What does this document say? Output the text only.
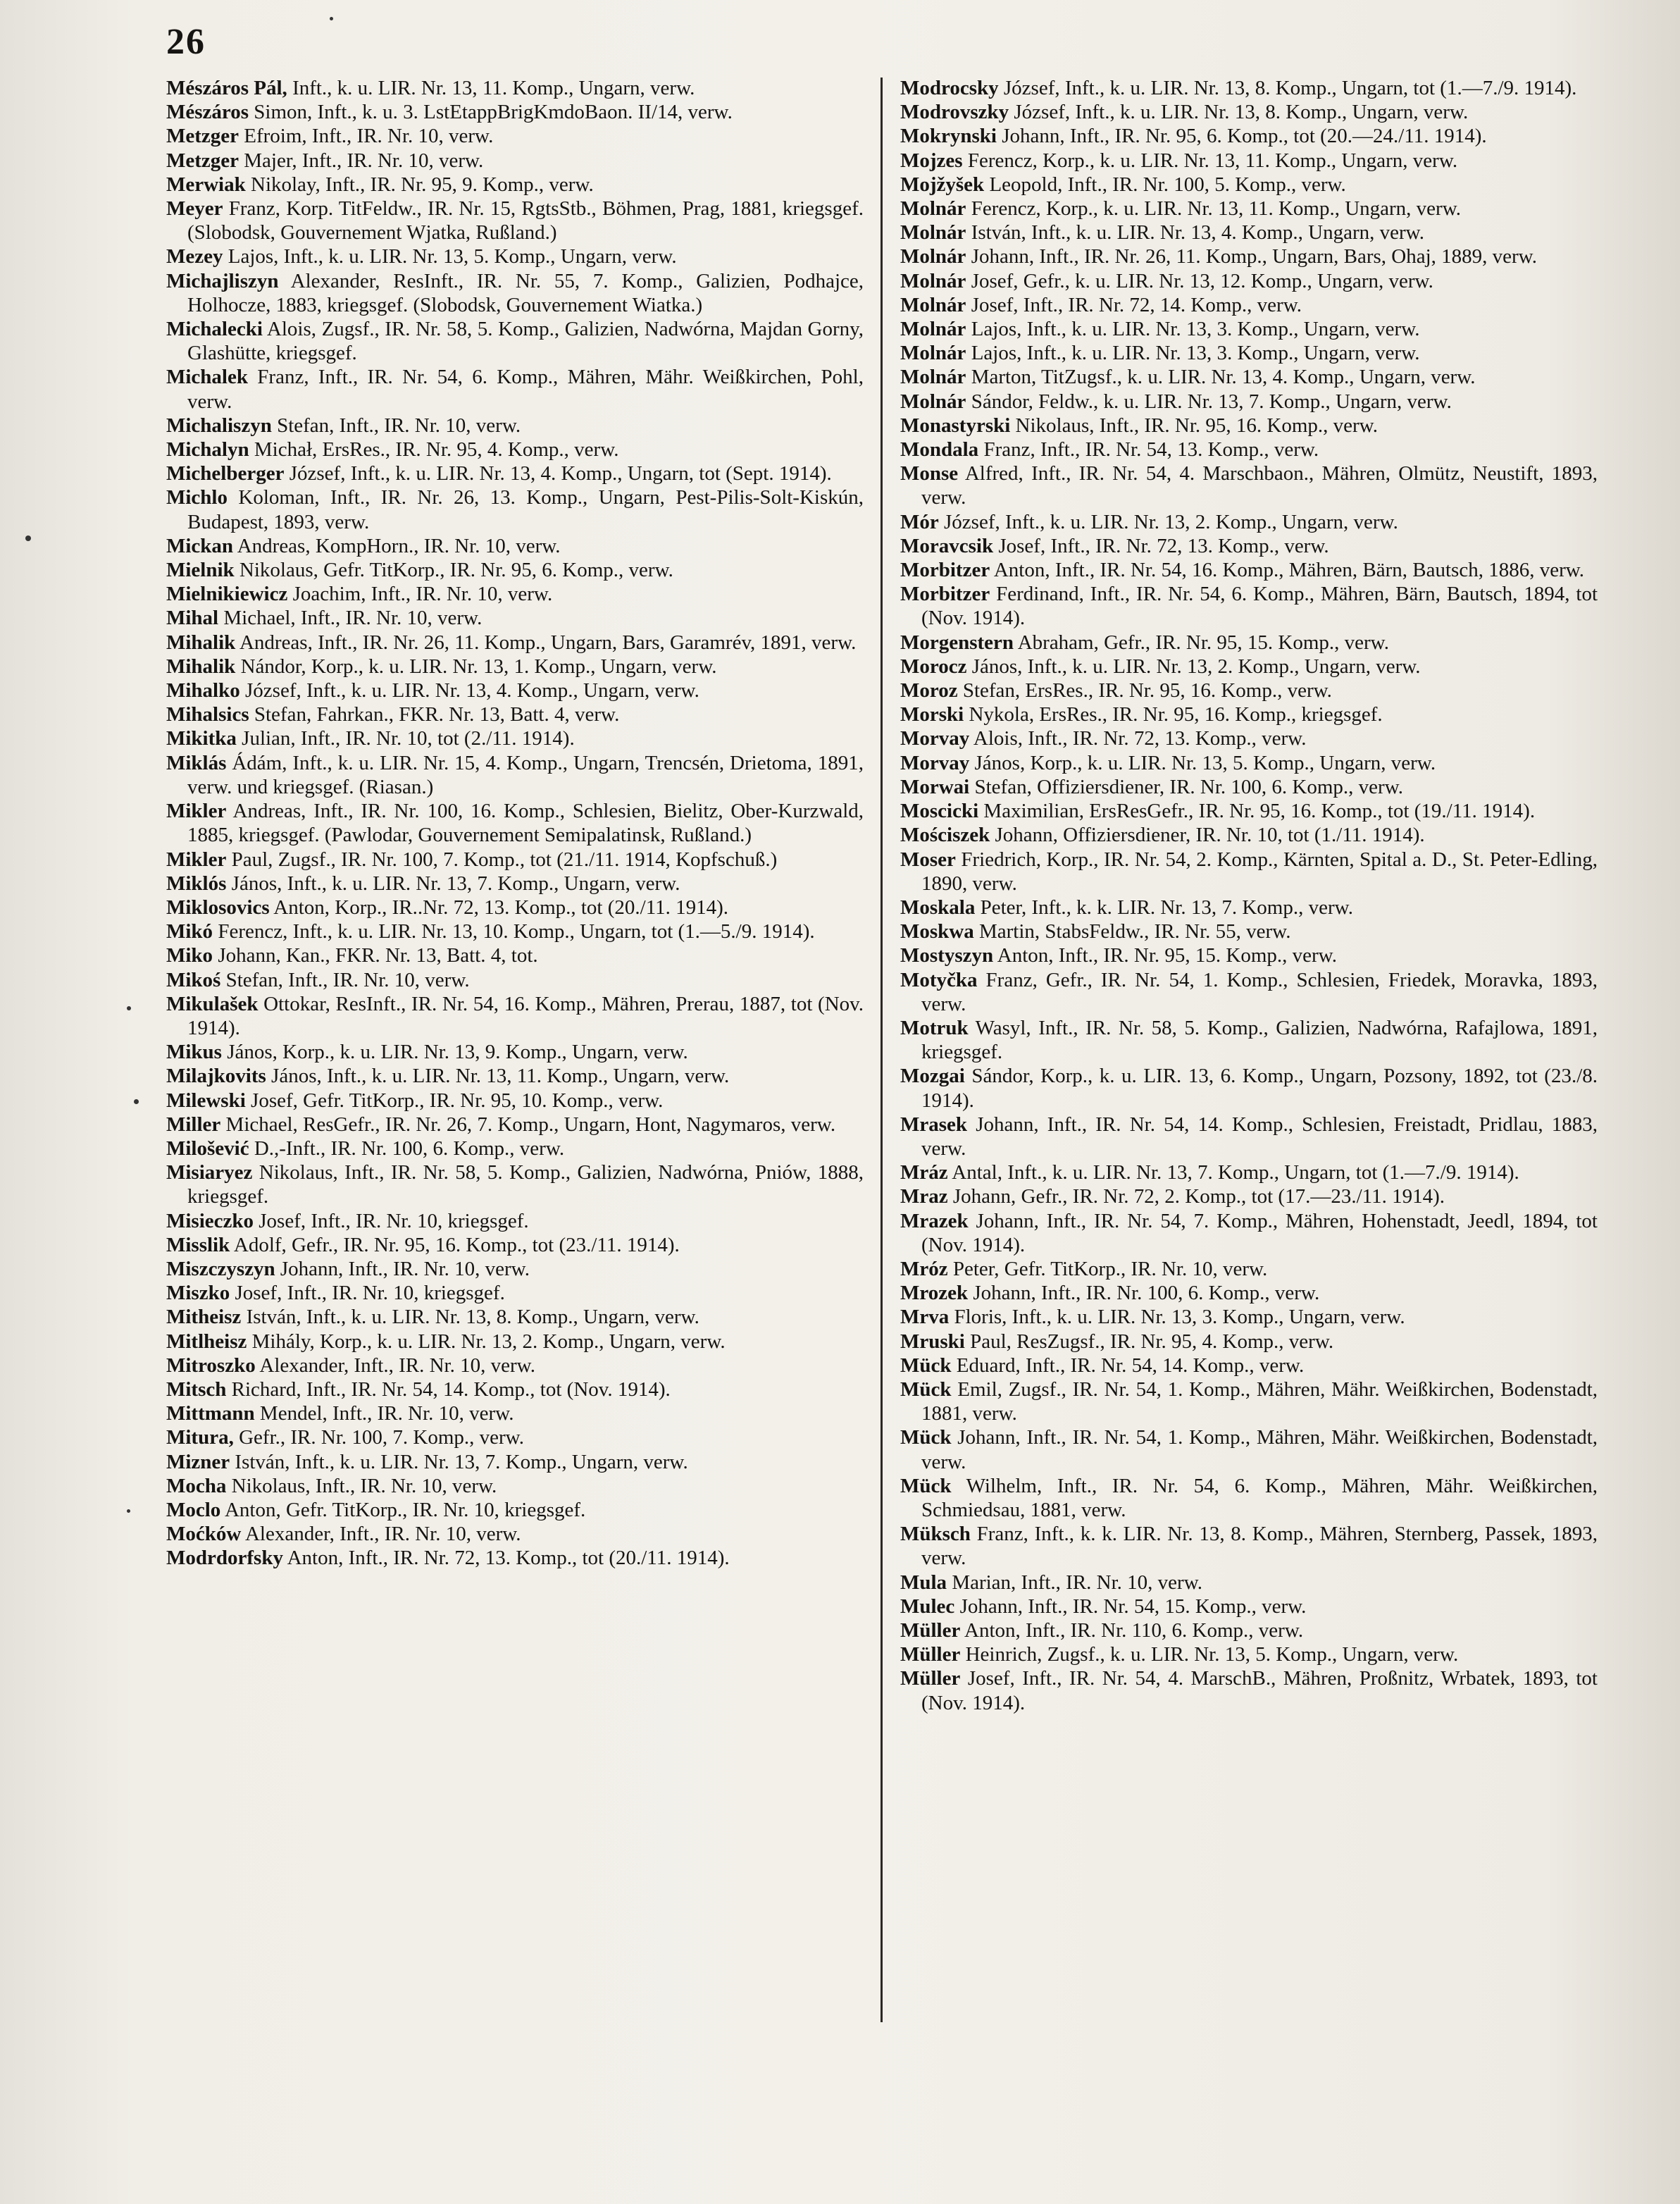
26

Mészáros Pál, Inft., k. u. LIR. Nr. 13, 11. Komp., Ungarn, verw.

Mészáros Simon, Inft., k. u. 3. LstEtappBrigKmdoBaon. II/14, verw.

Metzger Efroim, Inft., IR. Nr. 10, verw.

Metzger Majer, Inft., IR. Nr. 10, verw.

Merwiak Nikolay, Inft., IR. Nr. 95, 9. Komp., verw.

Meyer Franz, Korp. TitFeldw., IR. Nr. 15, RgtsStb., Böhmen, Prag, 1881, kriegsgef. (Slobodsk, Gouvernement Wjatka, Rußland.)

Mezey Lajos, Inft., k. u. LIR. Nr. 13, 5. Komp., Ungarn, verw.

Michajliszyn Alexander, ResInft., IR. Nr. 55, 7. Komp., Galizien, Podhajce, Holhocze, 1883, kriegsgef. (Slobodsk, Gouvernement Wiatka.)

Michalecki Alois, Zugsf., IR. Nr. 58, 5. Komp., Galizien, Nadwórna, Majdan Gorny, Glashütte, kriegsgef.

Michalek Franz, Inft., IR. Nr. 54, 6. Komp., Mähren, Mähr. Weißkirchen, Pohl, verw.

Michaliszyn Stefan, Inft., IR. Nr. 10, verw.

Michalyn Michał, ErsRes., IR. Nr. 95, 4. Komp., verw.

Michelberger József, Inft., k. u. LIR. Nr. 13, 4. Komp., Ungarn, tot (Sept. 1914).

Michlo Koloman, Inft., IR. Nr. 26, 13. Komp., Ungarn, Pest-Pilis-Solt-Kiskún, Budapest, 1893, verw.

Mickan Andreas, KompHorn., IR. Nr. 10, verw.

Mielnik Nikolaus, Gefr. TitKorp., IR. Nr. 95, 6. Komp., verw.

Mielnikiewicz Joachim, Inft., IR. Nr. 10, verw.

Mihal Michael, Inft., IR. Nr. 10, verw.

Mihalik Andreas, Inft., IR. Nr. 26, 11. Komp., Ungarn, Bars, Garamrév, 1891, verw.

Mihalik Nándor, Korp., k. u. LIR. Nr. 13, 1. Komp., Ungarn, verw.

Mihalko József, Inft., k. u. LIR. Nr. 13, 4. Komp., Ungarn, verw.

Mihalsics Stefan, Fahrkan., FKR. Nr. 13, Batt. 4, verw.

Mikitka Julian, Inft., IR. Nr. 10, tot (2./11. 1914).

Miklás Ádám, Inft., k. u. LIR. Nr. 15, 4. Komp., Ungarn, Trencsén, Drietoma, 1891, verw. und kriegsgef. (Riasan.)

Mikler Andreas, Inft., IR. Nr. 100, 16. Komp., Schlesien, Bielitz, Ober-Kurzwald, 1885, kriegsgef. (Pawlodar, Gouvernement Semipalatinsk, Rußland.)

Mikler Paul, Zugsf., IR. Nr. 100, 7. Komp., tot (21./11. 1914, Kopfschuß.)

Miklós János, Inft., k. u. LIR. Nr. 13, 7. Komp., Ungarn, verw.

Miklosovics Anton, Korp., IR..Nr. 72, 13. Komp., tot (20./11. 1914).

Mikó Ferencz, Inft., k. u. LIR. Nr. 13, 10. Komp., Ungarn, tot (1.—5./9. 1914).

Miko Johann, Kan., FKR. Nr. 13, Batt. 4, tot.

Mikoś Stefan, Inft., IR. Nr. 10, verw.

Mikulašek Ottokar, ResInft., IR. Nr. 54, 16. Komp., Mähren, Prerau, 1887, tot (Nov. 1914).

Mikus János, Korp., k. u. LIR. Nr. 13, 9. Komp., Ungarn, verw.

Milajkovits János, Inft., k. u. LIR. Nr. 13, 11. Komp., Ungarn, verw.

Milewski Josef, Gefr. TitKorp., IR. Nr. 95, 10. Komp., verw.

Miller Michael, ResGefr., IR. Nr. 26, 7. Komp., Ungarn, Hont, Nagymaros, verw.

Milošević D.,-Inft., IR. Nr. 100, 6. Komp., verw.

Misiaryez Nikolaus, Inft., IR. Nr. 58, 5. Komp., Galizien, Nadwórna, Pniów, 1888, kriegsgef.

Misieczko Josef, Inft., IR. Nr. 10, kriegsgef.

Misslik Adolf, Gefr., IR. Nr. 95, 16. Komp., tot (23./11. 1914).

Miszczyszyn Johann, Inft., IR. Nr. 10, verw.

Miszko Josef, Inft., IR. Nr. 10, kriegsgef.

Mitheisz István, Inft., k. u. LIR. Nr. 13, 8. Komp., Ungarn, verw.

Mitlheisz Mihály, Korp., k. u. LIR. Nr. 13, 2. Komp., Ungarn, verw.

Mitroszko Alexander, Inft., IR. Nr. 10, verw.

Mitsch Richard, Inft., IR. Nr. 54, 14. Komp., tot (Nov. 1914).

Mittmann Mendel, Inft., IR. Nr. 10, verw.

Mitura, Gefr., IR. Nr. 100, 7. Komp., verw.

Mizner István, Inft., k. u. LIR. Nr. 13, 7. Komp., Ungarn, verw.

Mocha Nikolaus, Inft., IR. Nr. 10, verw.

Moclo Anton, Gefr. TitKorp., IR. Nr. 10, kriegsgef.

Moćków Alexander, Inft., IR. Nr. 10, verw.

Modrdorfsky Anton, Inft., IR. Nr. 72, 13. Komp., tot (20./11. 1914).

Modrocsky József, Inft., k. u. LIR. Nr. 13, 8. Komp., Ungarn, tot (1.—7./9. 1914).

Modrovszky József, Inft., k. u. LIR. Nr. 13, 8. Komp., Ungarn, verw.

Mokrynski Johann, Inft., IR. Nr. 95, 6. Komp., tot (20.—24./11. 1914).

Mojzes Ferencz, Korp., k. u. LIR. Nr. 13, 11. Komp., Ungarn, verw.

Mojžyšek Leopold, Inft., IR. Nr. 100, 5. Komp., verw.

Molnár Ferencz, Korp., k. u. LIR. Nr. 13, 11. Komp., Ungarn, verw.

Molnár István, Inft., k. u. LIR. Nr. 13, 4. Komp., Ungarn, verw.

Molnár Johann, Inft., IR. Nr. 26, 11. Komp., Ungarn, Bars, Ohaj, 1889, verw.

Molnár Josef, Gefr., k. u. LIR. Nr. 13, 12. Komp., Ungarn, verw.

Molnár Josef, Inft., IR. Nr. 72, 14. Komp., verw.

Molnár Lajos, Inft., k. u. LIR. Nr. 13, 3. Komp., Ungarn, verw.

Molnár Lajos, Inft., k. u. LIR. Nr. 13, 3. Komp., Ungarn, verw.

Molnár Marton, TitZugsf., k. u. LIR. Nr. 13, 4. Komp., Ungarn, verw.

Molnár Sándor, Feldw., k. u. LIR. Nr. 13, 7. Komp., Ungarn, verw.

Monastyrski Nikolaus, Inft., IR. Nr. 95, 16. Komp., verw.

Mondala Franz, Inft., IR. Nr. 54, 13. Komp., verw.

Monse Alfred, Inft., IR. Nr. 54, 4. Marschbaon., Mähren, Olmütz, Neustift, 1893, verw.

Mór József, Inft., k. u. LIR. Nr. 13, 2. Komp., Ungarn, verw.

Moravcsik Josef, Inft., IR. Nr. 72, 13. Komp., verw.

Morbitzer Anton, Inft., IR. Nr. 54, 16. Komp., Mähren, Bärn, Bautsch, 1886, verw.

Morbitzer Ferdinand, Inft., IR. Nr. 54, 6. Komp., Mähren, Bärn, Bautsch, 1894, tot (Nov. 1914).

Morgenstern Abraham, Gefr., IR. Nr. 95, 15. Komp., verw.

Morocz János, Inft., k. u. LIR. Nr. 13, 2. Komp., Ungarn, verw.

Moroz Stefan, ErsRes., IR. Nr. 95, 16. Komp., verw.

Morski Nykola, ErsRes., IR. Nr. 95, 16. Komp., kriegsgef.

Morvay Alois, Inft., IR. Nr. 72, 13. Komp., verw.

Morvay János, Korp., k. u. LIR. Nr. 13, 5. Komp., Ungarn, verw.

Morwai Stefan, Offiziersdiener, IR. Nr. 100, 6. Komp., verw.

Moscicki Maximilian, ErsResGefr., IR. Nr. 95, 16. Komp., tot (19./11. 1914).

Mościszek Johann, Offiziersdiener, IR. Nr. 10, tot (1./11. 1914).

Moser Friedrich, Korp., IR. Nr. 54, 2. Komp., Kärnten, Spital a. D., St. Peter-Edling, 1890, verw.

Moskala Peter, Inft., k. k. LIR. Nr. 13, 7. Komp., verw.

Moskwa Martin, StabsFeldw., IR. Nr. 55, verw.

Mostyszyn Anton, Inft., IR. Nr. 95, 15. Komp., verw.

Motyčka Franz, Gefr., IR. Nr. 54, 1. Komp., Schlesien, Friedek, Moravka, 1893, verw.

Motruk Wasyl, Inft., IR. Nr. 58, 5. Komp., Galizien, Nadwórna, Rafajlowa, 1891, kriegsgef.

Mozgai Sándor, Korp., k. u. LIR. 13, 6. Komp., Ungarn, Pozsony, 1892, tot (23./8. 1914).

Mrasek Johann, Inft., IR. Nr. 54, 14. Komp., Schlesien, Freistadt, Pridlau, 1883, verw.

Mráz Antal, Inft., k. u. LIR. Nr. 13, 7. Komp., Ungarn, tot (1.—7./9. 1914).

Mraz Johann, Gefr., IR. Nr. 72, 2. Komp., tot (17.—23./11. 1914).

Mrazek Johann, Inft., IR. Nr. 54, 7. Komp., Mähren, Hohenstadt, Jeedl, 1894, tot (Nov. 1914).

Mróz Peter, Gefr. TitKorp., IR. Nr. 10, verw.

Mrozek Johann, Inft., IR. Nr. 100, 6. Komp., verw.

Mrva Floris, Inft., k. u. LIR. Nr. 13, 3. Komp., Ungarn, verw.

Mruski Paul, ResZugsf., IR. Nr. 95, 4. Komp., verw.

Mück Eduard, Inft., IR. Nr. 54, 14. Komp., verw.

Mück Emil, Zugsf., IR. Nr. 54, 1. Komp., Mähren, Mähr. Weißkirchen, Bodenstadt, 1881, verw.

Mück Johann, Inft., IR. Nr. 54, 1. Komp., Mähren, Mähr. Weißkirchen, Bodenstadt, verw.

Mück Wilhelm, Inft., IR. Nr. 54, 6. Komp., Mähren, Mähr. Weißkirchen, Schmiedsau, 1881, verw.

Müksch Franz, Inft., k. k. LIR. Nr. 13, 8. Komp., Mähren, Sternberg, Passek, 1893, verw.

Mula Marian, Inft., IR. Nr. 10, verw.

Mulec Johann, Inft., IR. Nr. 54, 15. Komp., verw.

Müller Anton, Inft., IR. Nr. 110, 6. Komp., verw.

Müller Heinrich, Zugsf., k. u. LIR. Nr. 13, 5. Komp., Ungarn, verw.

Müller Josef, Inft., IR. Nr. 54, 4. MarschB., Mähren, Proßnitz, Wrbatek, 1893, tot (Nov. 1914).
